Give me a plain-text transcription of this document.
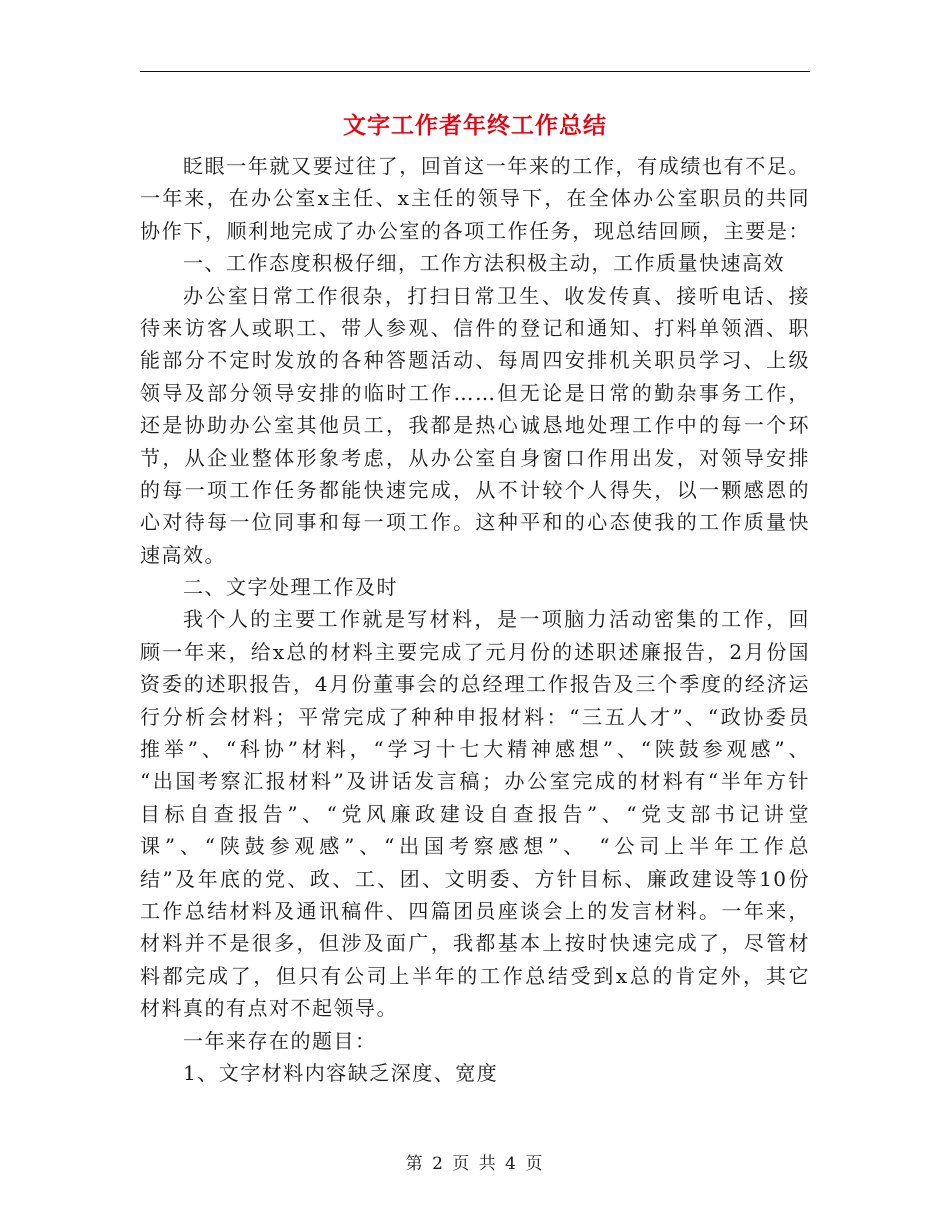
文字工作者年终工作总结
眨眼一年就又要过往了，回首这一年来的工作，有成绩也有不足。
一年来，在办公室x主任、x主任的领导下，在全体办公室职员的共同
协作下，顺利地完成了办公室的各项工作任务，现总结回顾，主要是：
一、工作态度积极仔细，工作方法积极主动，工作质量快速高效
办公室日常工作很杂，打扫日常卫生、收发传真、接听电话、接
待来访客人或职工、带人参观、信件的登记和通知、打料单领酒、职
能部分不定时发放的各种答题活动、每周四安排机关职员学习、上级
领导及部分领导安排的临时工作……但无论是日常的勤杂事务工作，
还是协助办公室其他员工，我都是热心诚恳地处理工作中的每一个环
节，从企业整体形象考虑，从办公室自身窗口作用出发，对领导安排
的每一项工作任务都能快速完成，从不计较个人得失，以一颗感恩的
心对待每一位同事和每一项工作。这种平和的心态使我的工作质量快
速高效。
二、文字处理工作及时
我个人的主要工作就是写材料，是一项脑力活动密集的工作，回
顾一年来，给x总的材料主要完成了元月份的述职述廉报告，2月份国
资委的述职报告，4月份董事会的总经理工作报告及三个季度的经济运
行分析会材料；平常完成了种种申报材料：“三五人才”、“政协委员
推举”、“科协”材料，“学习十七大精神感想”、“陕鼓参观感”、
“出国考察汇报材料”及讲话发言稿；办公室完成的材料有“半年方针
目标自查报告”、“党风廉政建设自查报告”、“党支部书记讲堂
课”、“陕鼓参观感”、“出国考察感想”、 “公司上半年工作总
结”及年底的党、政、工、团、文明委、方针目标、廉政建设等10份
工作总结材料及通讯稿件、四篇团员座谈会上的发言材料。一年来，
材料并不是很多，但涉及面广，我都基本上按时快速完成了，尽管材
料都完成了，但只有公司上半年的工作总结受到x总的肯定外，其它
材料真的有点对不起领导。
一年来存在的题目：
1、文字材料内容缺乏深度、宽度
第 2 页 共 4 页
